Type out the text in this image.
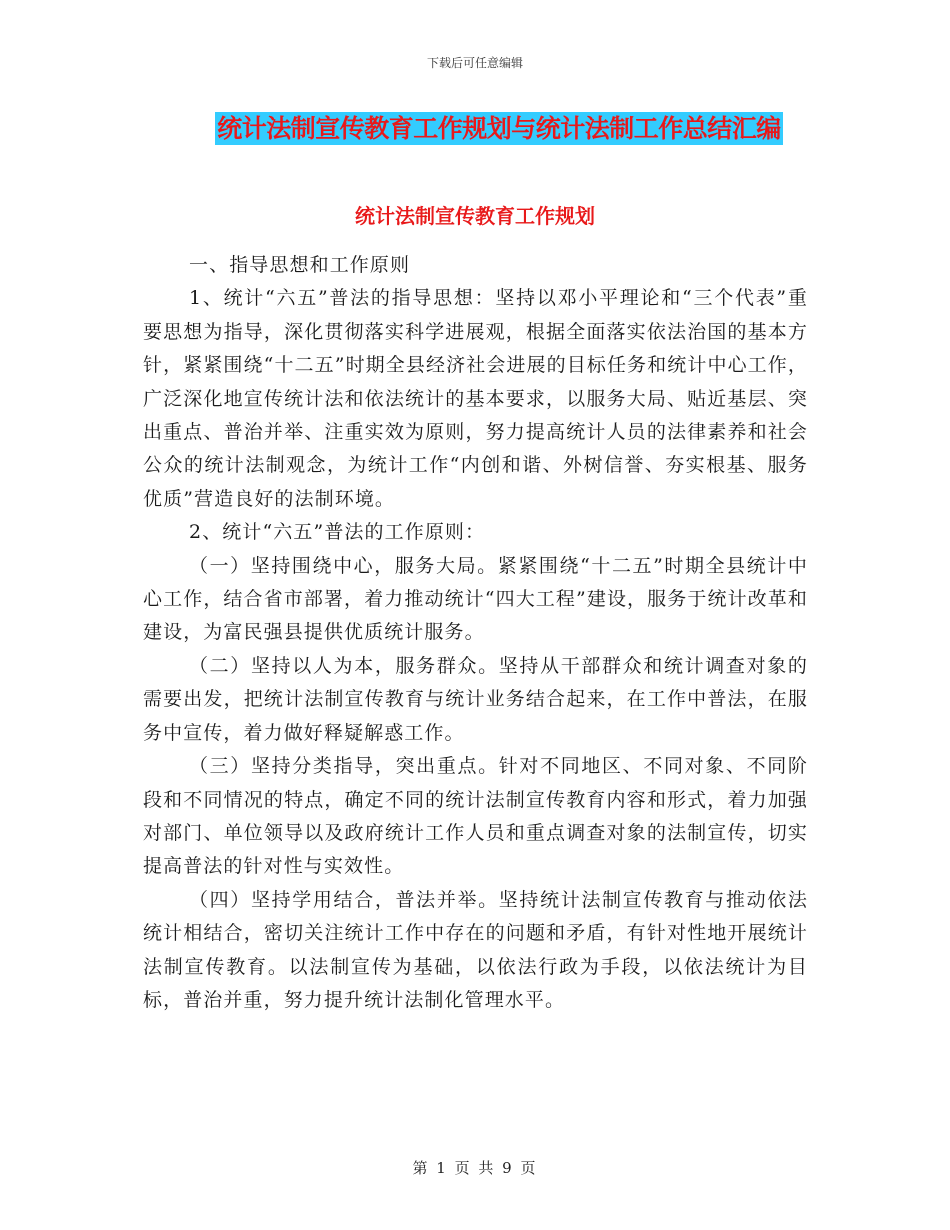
下载后可任意编辑
统计法制宣传教育工作规划与统计法制工作总结汇编
统计法制宣传教育工作规划

一、指导思想和工作原则

1、统计“六五”普法的指导思想：坚持以邓小平理论和“三个代表”重要思想为指导，深化贯彻落实科学进展观，根据全面落实依法治国的基本方针，紧紧围绕“十二五”时期全县经济社会进展的目标任务和统计中心工作，广泛深化地宣传统计法和依法统计的基本要求，以服务大局、贴近基层、突出重点、普治并举、注重实效为原则，努力提高统计人员的法律素养和社会公众的统计法制观念，为统计工作“内创和谐、外树信誉、夯实根基、服务优质”营造良好的法制环境。

2、统计“六五”普法的工作原则：

（一）坚持围绕中心，服务大局。紧紧围绕“十二五”时期全县统计中心工作，结合省市部署，着力推动统计“四大工程”建设，服务于统计改革和建设，为富民强县提供优质统计服务。

（二）坚持以人为本，服务群众。坚持从干部群众和统计调查对象的需要出发，把统计法制宣传教育与统计业务结合起来，在工作中普法，在服务中宣传，着力做好释疑解惑工作。

（三）坚持分类指导，突出重点。针对不同地区、不同对象、不同阶段和不同情况的特点，确定不同的统计法制宣传教育内容和形式，着力加强对部门、单位领导以及政府统计工作人员和重点调查对象的法制宣传，切实提高普法的针对性与实效性。

（四）坚持学用结合，普法并举。坚持统计法制宣传教育与推动依法统计相结合，密切关注统计工作中存在的问题和矛盾，有针对性地开展统计法制宣传教育。以法制宣传为基础，以依法行政为手段，以依法统计为目标，普治并重，努力提升统计法制化管理水平。

第 1 页 共 9 页
